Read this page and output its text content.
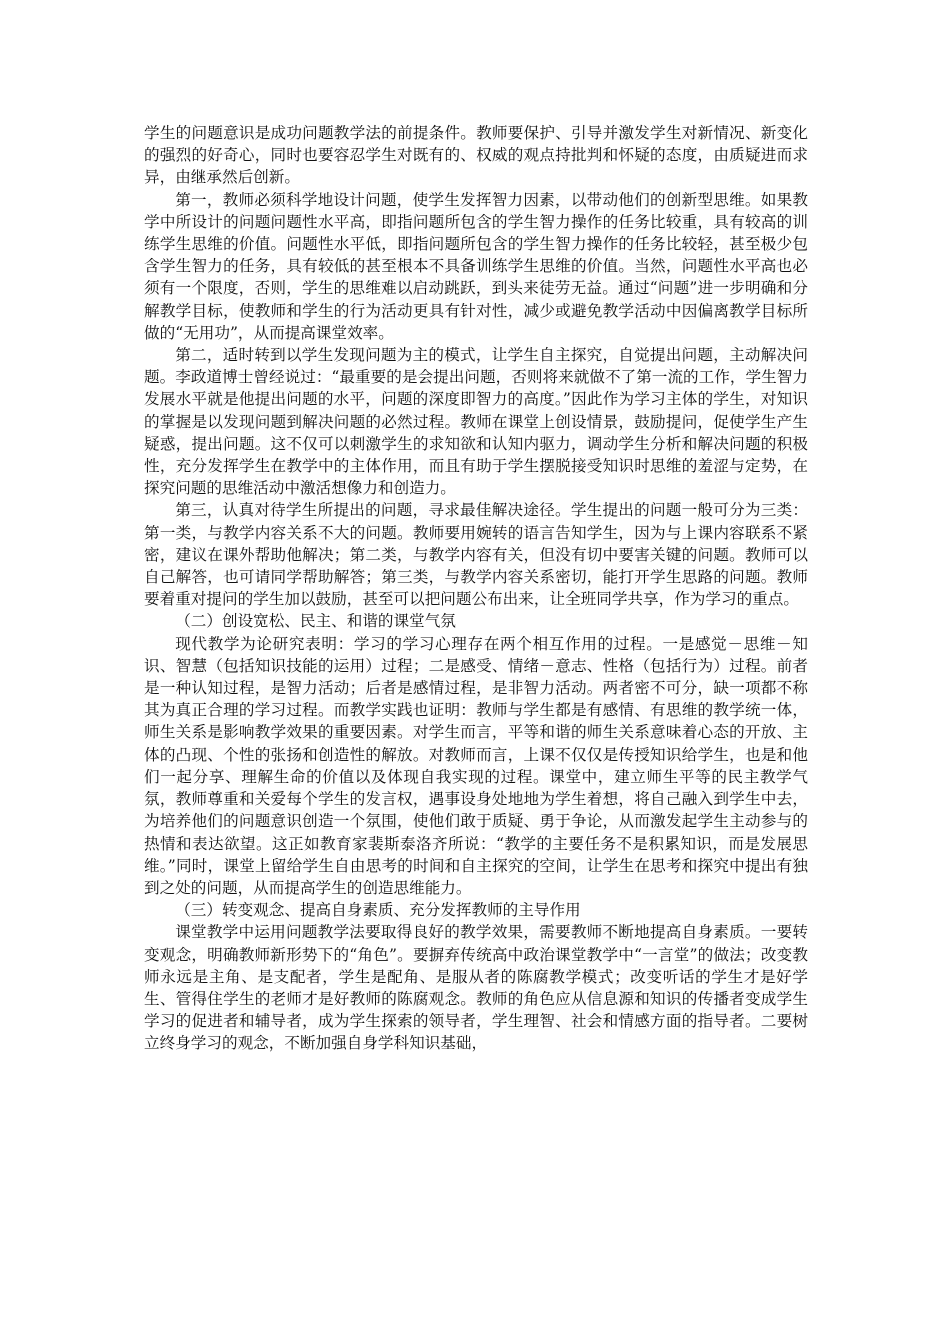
学生的问题意识是成功问题教学法的前提条件。教师要保护、引导并激发学生对新情况、新变化的强烈的好奇心，同时也要容忍学生对既有的、权威的观点持批判和怀疑的态度，由质疑进而求异，由继承然后创新。

第一，教师必须科学地设计问题，使学生发挥智力因素，以带动他们的创新型思维。如果教学中所设计的问题问题性水平高，即指问题所包含的学生智力操作的任务比较重，具有较高的训练学生思维的价值。问题性水平低，即指问题所包含的学生智力操作的任务比较轻，甚至极少包含学生智力的任务，具有较低的甚至根本不具备训练学生思维的价值。当然，问题性水平高也必须有一个限度，否则，学生的思维难以启动跳跃，到头来徒劳无益。通过“问题”进一步明确和分解教学目标，使教师和学生的行为活动更具有针对性，减少或避免教学活动中因偏离教学目标所做的“无用功”，从而提高课堂效率。

第二，适时转到以学生发现问题为主的模式，让学生自主探究，自觉提出问题，主动解决问题。李政道博士曾经说过：“最重要的是会提出问题，否则将来就做不了第一流的工作，学生智力发展水平就是他提出问题的水平，问题的深度即智力的高度。”因此作为学习主体的学生，对知识的掌握是以发现问题到解决问题的必然过程。教师在课堂上创设情景，鼓励提问，促使学生产生疑惑，提出问题。这不仅可以刺激学生的求知欲和认知内驱力，调动学生分析和解决问题的积极性，充分发挥学生在教学中的主体作用，而且有助于学生摆脱接受知识时思维的羞涩与定势，在探究问题的思维活动中激活想像力和创造力。

第三，认真对待学生所提出的问题，寻求最佳解决途径。学生提出的问题一般可分为三类：第一类，与教学内容关系不大的问题。教师要用婉转的语言告知学生，因为与上课内容联系不紧密，建议在课外帮助他解决；第二类，与教学内容有关，但没有切中要害关键的问题。教师可以自己解答，也可请同学帮助解答；第三类，与教学内容关系密切，能打开学生思路的问题。教师要着重对提问的学生加以鼓励，甚至可以把问题公布出来，让全班同学共享，作为学习的重点。

（二）创设宽松、民主、和谐的课堂气氛

现代教学为论研究表明：学习的学习心理存在两个相互作用的过程。一是感觉－思维－知识、智慧（包括知识技能的运用）过程；二是感受、情绪－意志、性格（包括行为）过程。前者是一种认知过程，是智力活动；后者是感情过程，是非智力活动。两者密不可分，缺一项都不称其为真正合理的学习过程。而教学实践也证明：教师与学生都是有感情、有思维的教学统一体，师生关系是影响教学效果的重要因素。对学生而言，平等和谐的师生关系意味着心态的开放、主体的凸现、个性的张扬和创造性的解放。对教师而言，上课不仅仅是传授知识给学生，也是和他们一起分享、理解生命的价值以及体现自我实现的过程。课堂中，建立师生平等的民主教学气氛，教师尊重和关爱每个学生的发言权，遇事设身处地地为学生着想，将自己融入到学生中去，为培养他们的问题意识创造一个氛围，使他们敢于质疑、勇于争论，从而激发起学生主动参与的热情和表达欲望。这正如教育家裴斯泰洛齐所说：“教学的主要任务不是积累知识，而是发展思维。”同时，课堂上留给学生自由思考的时间和自主探究的空间，让学生在思考和探究中提出有独到之处的问题，从而提高学生的创造思维能力。

（三）转变观念、提高自身素质、充分发挥教师的主导作用

课堂教学中运用问题教学法要取得良好的教学效果，需要教师不断地提高自身素质。一要转变观念，明确教师新形势下的“角色”。要摒弃传统高中政治课堂教学中“一言堂”的做法；改变教师永远是主角、是支配者，学生是配角、是服从者的陈腐教学模式；改变听话的学生才是好学生、管得住学生的老师才是好教师的陈腐观念。教师的角色应从信息源和知识的传播者变成学生学习的促进者和辅导者，成为学生探索的领导者，学生理智、社会和情感方面的指导者。二要树立终身学习的观念，不断加强自身学科知识基础，
